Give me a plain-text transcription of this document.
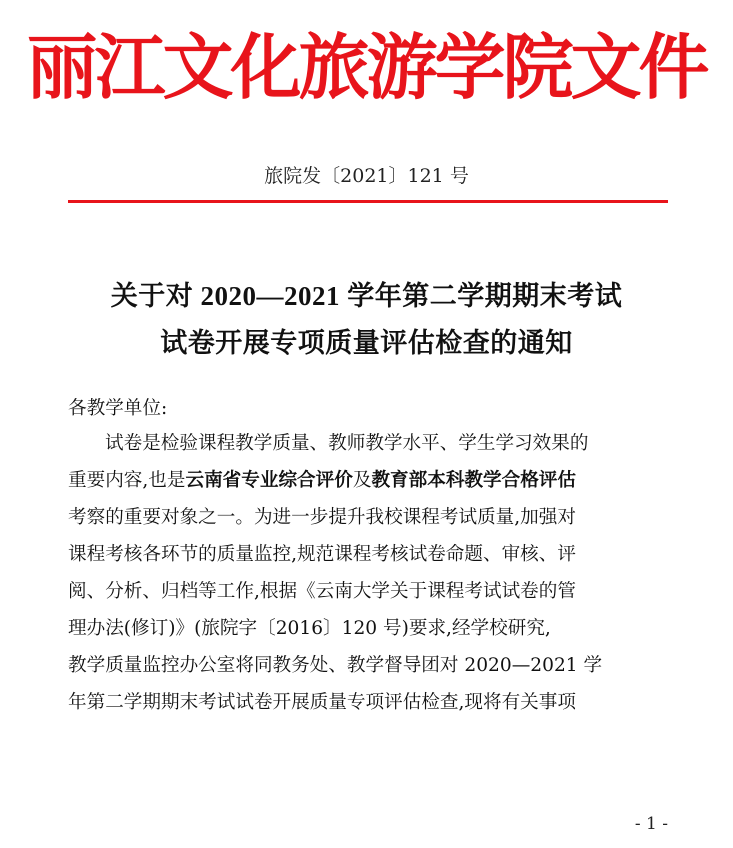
丽江文化旅游学院文件
旅院发〔2021〕121 号
关于对 2020—2021 学年第二学期期末考试
试卷开展专项质量评估检查的通知
各教学单位:
试卷是检验课程教学质量、教师教学水平、学生学习效果的
重要内容,也是云南省专业综合评价及教育部本科教学合格评估
考察的重要对象之一。为进一步提升我校课程考试质量,加强对
课程考核各环节的质量监控,规范课程考核试卷命题、审核、评
阅、分析、归档等工作,根据《云南大学关于课程考试试卷的管
理办法(修订)》(旅院字〔2016〕120 号)要求,经学校研究,
教学质量监控办公室将同教务处、教学督导团对 2020—2021 学
年第二学期期末考试试卷开展质量专项评估检查,现将有关事项
- 1 -
